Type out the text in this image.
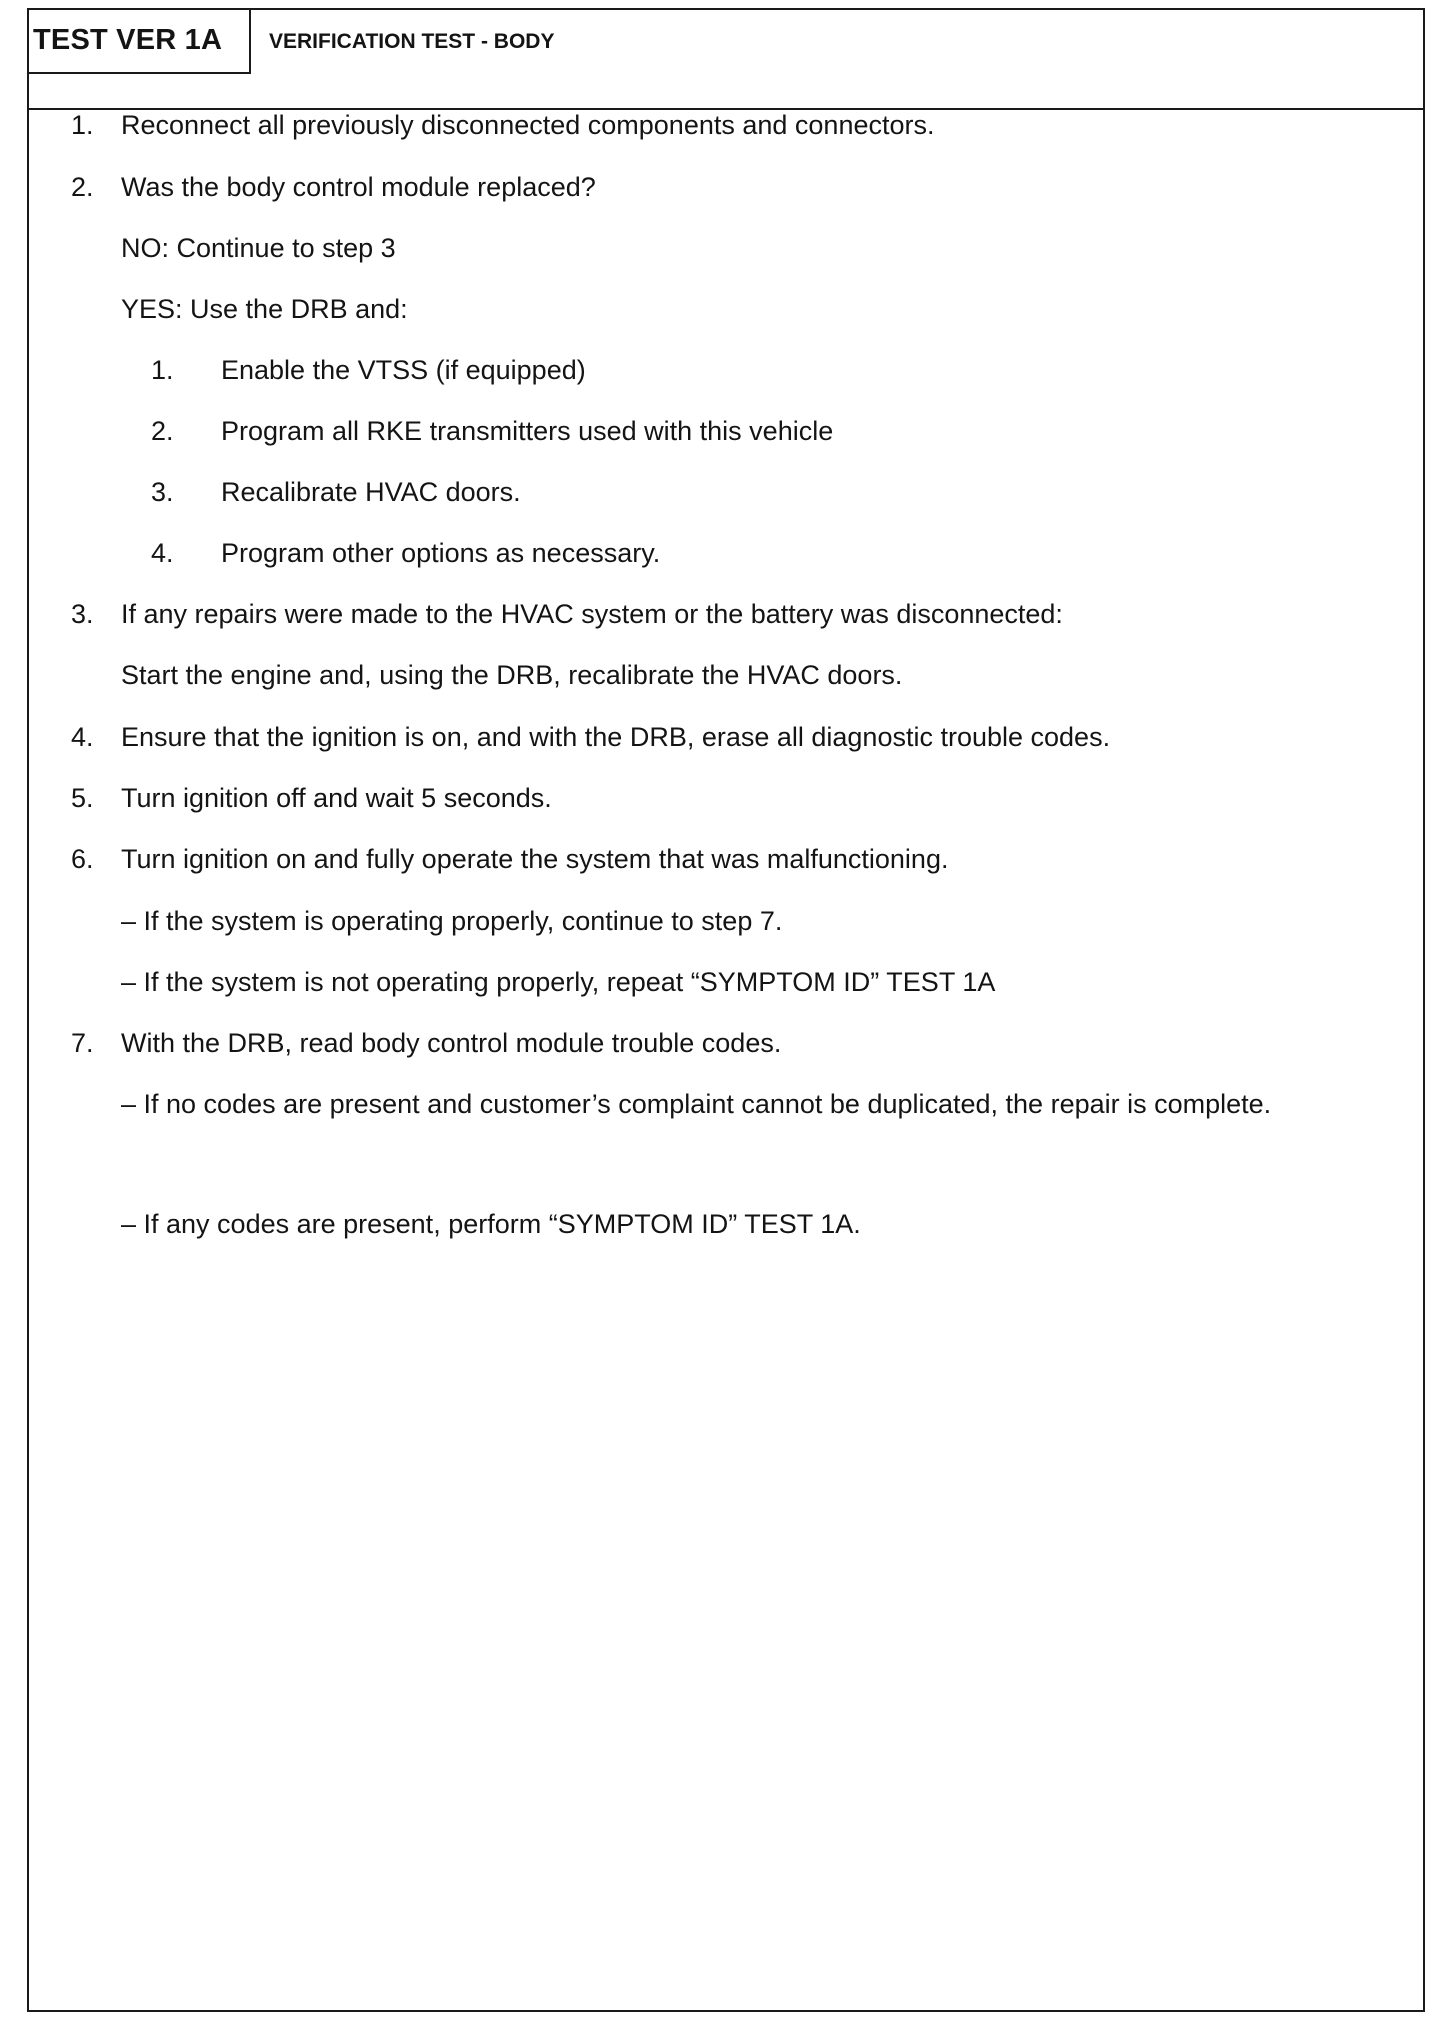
TEST VER 1A	VERIFICATION TEST - BODY
1. Reconnect all previously disconnected components and connectors.
2. Was the body control module replaced?
NO: Continue to step 3
YES: Use the DRB and:
1. Enable the VTSS (if equipped)
2. Program all RKE transmitters used with this vehicle
3. Recalibrate HVAC doors.
4. Program other options as necessary.
3. If any repairs were made to the HVAC system or the battery was disconnected:
Start the engine and, using the DRB, recalibrate the HVAC doors.
4. Ensure that the ignition is on, and with the DRB, erase all diagnostic trouble codes.
5. Turn ignition off and wait 5 seconds.
6. Turn ignition on and fully operate the system that was malfunctioning.
– If the system is operating properly, continue to step 7.
– If the system is not operating properly, repeat “SYMPTOM ID” TEST 1A
7. With the DRB, read body control module trouble codes.
– If no codes are present and customer’s complaint cannot be duplicated, the repair is complete.
– If any codes are present, perform “SYMPTOM ID” TEST 1A.
